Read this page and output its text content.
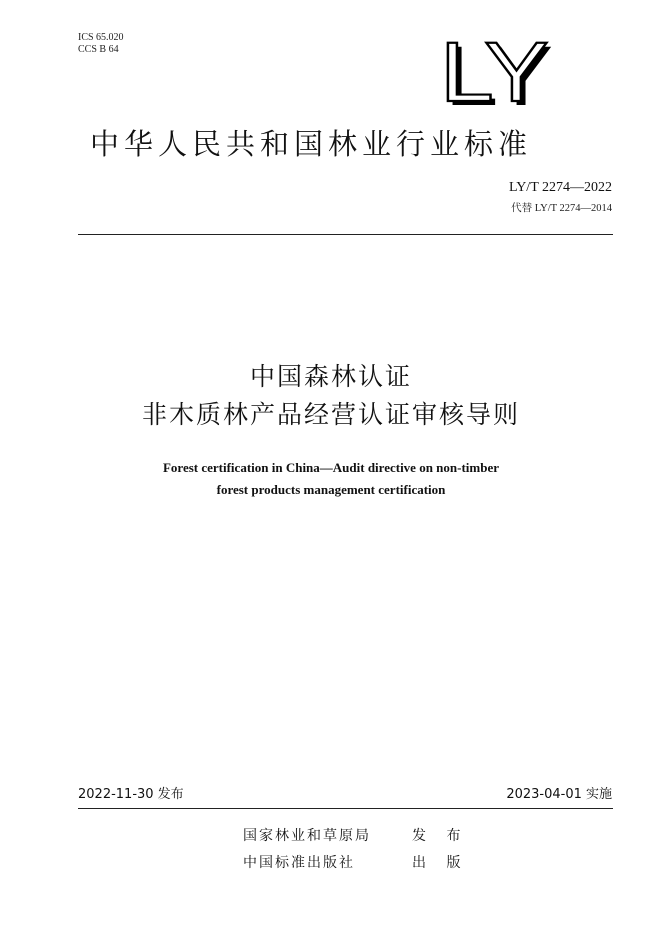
ICS 65.020
CCS B 64	LY
中华人民共和国林业行业标准
LY/T 2274—2022
代替 LY/T 2274—2014
中国森林认证
非木质林产品经营认证审核导则
Forest certification in China—Audit directive on non-timber
forest products management certification
2022-11-30 发布	2023-04-01 实施
国家林业和草原局	发 布
中国标准出版社	出 版
